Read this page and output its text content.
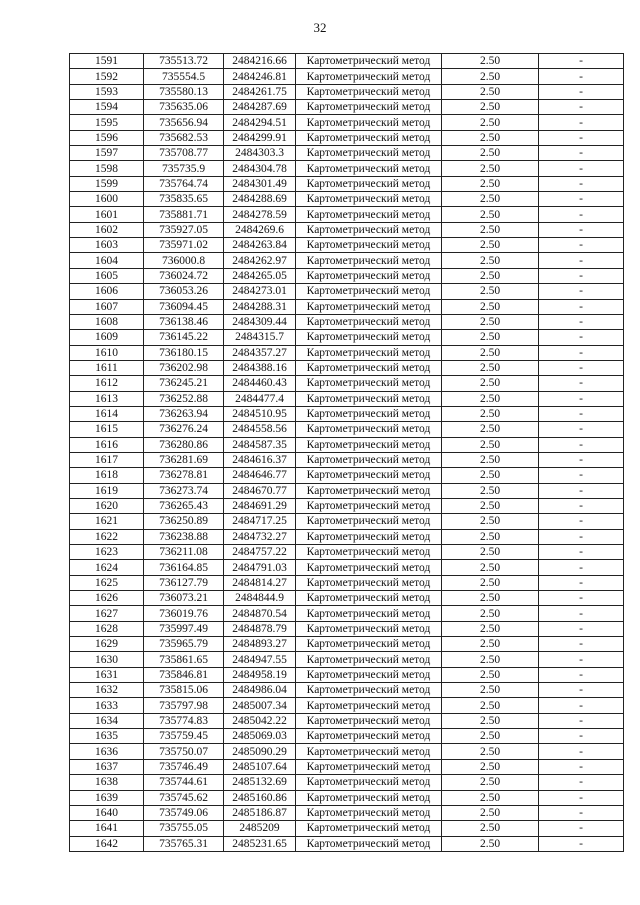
32
1591	735513.72	2484216.66	Картометрический метод	2.50	-
1592	735554.5	2484246.81	Картометрический метод	2.50	-
1593	735580.13	2484261.75	Картометрический метод	2.50	-
1594	735635.06	2484287.69	Картометрический метод	2.50	-
1595	735656.94	2484294.51	Картометрический метод	2.50	-
1596	735682.53	2484299.91	Картометрический метод	2.50	-
1597	735708.77	2484303.3	Картометрический метод	2.50	-
1598	735735.9	2484304.78	Картометрический метод	2.50	-
1599	735764.74	2484301.49	Картометрический метод	2.50	-
1600	735835.65	2484288.69	Картометрический метод	2.50	-
1601	735881.71	2484278.59	Картометрический метод	2.50	-
1602	735927.05	2484269.6	Картометрический метод	2.50	-
1603	735971.02	2484263.84	Картометрический метод	2.50	-
1604	736000.8	2484262.97	Картометрический метод	2.50	-
1605	736024.72	2484265.05	Картометрический метод	2.50	-
1606	736053.26	2484273.01	Картометрический метод	2.50	-
1607	736094.45	2484288.31	Картометрический метод	2.50	-
1608	736138.46	2484309.44	Картометрический метод	2.50	-
1609	736145.22	2484315.7	Картометрический метод	2.50	-
1610	736180.15	2484357.27	Картометрический метод	2.50	-
1611	736202.98	2484388.16	Картометрический метод	2.50	-
1612	736245.21	2484460.43	Картометрический метод	2.50	-
1613	736252.88	2484477.4	Картометрический метод	2.50	-
1614	736263.94	2484510.95	Картометрический метод	2.50	-
1615	736276.24	2484558.56	Картометрический метод	2.50	-
1616	736280.86	2484587.35	Картометрический метод	2.50	-
1617	736281.69	2484616.37	Картометрический метод	2.50	-
1618	736278.81	2484646.77	Картометрический метод	2.50	-
1619	736273.74	2484670.77	Картометрический метод	2.50	-
1620	736265.43	2484691.29	Картометрический метод	2.50	-
1621	736250.89	2484717.25	Картометрический метод	2.50	-
1622	736238.88	2484732.27	Картометрический метод	2.50	-
1623	736211.08	2484757.22	Картометрический метод	2.50	-
1624	736164.85	2484791.03	Картометрический метод	2.50	-
1625	736127.79	2484814.27	Картометрический метод	2.50	-
1626	736073.21	2484844.9	Картометрический метод	2.50	-
1627	736019.76	2484870.54	Картометрический метод	2.50	-
1628	735997.49	2484878.79	Картометрический метод	2.50	-
1629	735965.79	2484893.27	Картометрический метод	2.50	-
1630	735861.65	2484947.55	Картометрический метод	2.50	-
1631	735846.81	2484958.19	Картометрический метод	2.50	-
1632	735815.06	2484986.04	Картометрический метод	2.50	-
1633	735797.98	2485007.34	Картометрический метод	2.50	-
1634	735774.83	2485042.22	Картометрический метод	2.50	-
1635	735759.45	2485069.03	Картометрический метод	2.50	-
1636	735750.07	2485090.29	Картометрический метод	2.50	-
1637	735746.49	2485107.64	Картометрический метод	2.50	-
1638	735744.61	2485132.69	Картометрический метод	2.50	-
1639	735745.62	2485160.86	Картометрический метод	2.50	-
1640	735749.06	2485186.87	Картометрический метод	2.50	-
1641	735755.05	2485209	Картометрический метод	2.50	-
1642	735765.31	2485231.65	Картометрический метод	2.50	-
